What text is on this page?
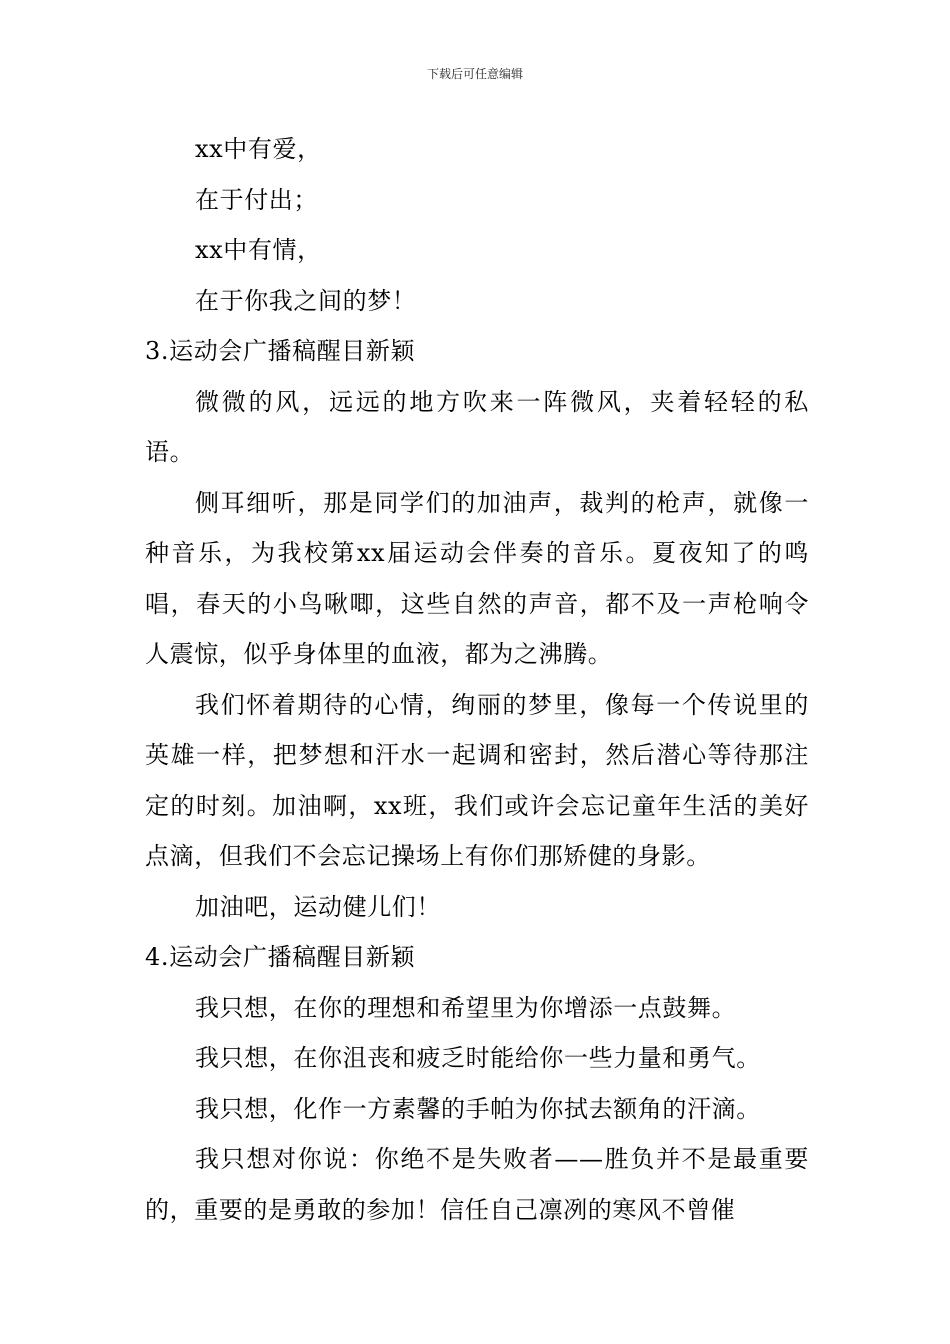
下载后可任意编辑

xx中有爱，

在于付出；

xx中有情，

在于你我之间的梦！

3.运动会广播稿醒目新颖

微微的风，远远的地方吹来一阵微风，夹着轻轻的私语。

侧耳细听，那是同学们的加油声，裁判的枪声，就像一种音乐，为我校第xx届运动会伴奏的音乐。夏夜知了的鸣唱，春天的小鸟啾唧，这些自然的声音，都不及一声枪响令人震惊，似乎身体里的血液，都为之沸腾。

我们怀着期待的心情，绚丽的梦里，像每一个传说里的英雄一样，把梦想和汗水一起调和密封，然后潜心等待那注定的时刻。加油啊，xx班，我们或许会忘记童年生活的美好点滴，但我们不会忘记操场上有你们那矫健的身影。

加油吧，运动健儿们！

4.运动会广播稿醒目新颖

我只想，在你的理想和希望里为你增添一点鼓舞。

我只想，在你沮丧和疲乏时能给你一些力量和勇气。

我只想，化作一方素馨的手帕为你拭去额角的汗滴。

我只想对你说：你绝不是失败者——胜负并不是最重要的，重要的是勇敢的参加！信任自己凛冽的寒风不曾催
